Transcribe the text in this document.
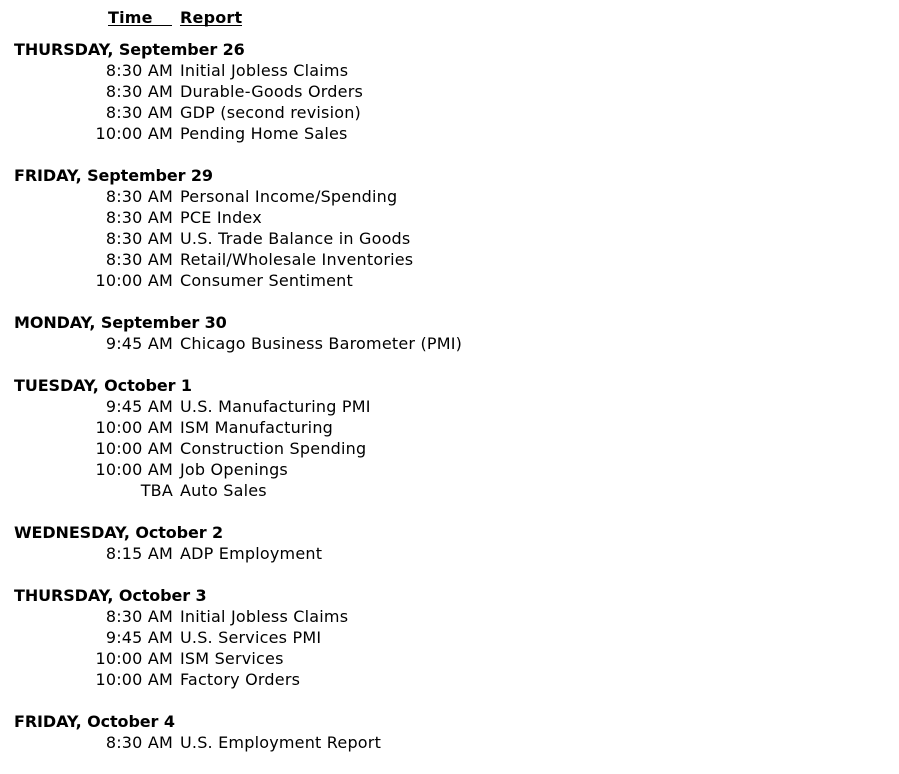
Time	Report
THURSDAY, September 26
8:30 AM Initial Jobless Claims
8:30 AM Durable-Goods Orders
8:30 AM GDP (second revision)
10:00 AM Pending Home Sales
FRIDAY, September 29
8:30 AM Personal Income/Spending
8:30 AM PCE Index
8:30 AM U.S. Trade Balance in Goods
8:30 AM Retail/Wholesale Inventories
10:00 AM Consumer Sentiment
MONDAY, September 30
9:45 AM Chicago Business Barometer (PMI)
TUESDAY, October 1
9:45 AM U.S. Manufacturing PMI
10:00 AM ISM Manufacturing
10:00 AM Construction Spending
10:00 AM Job Openings
TBA Auto Sales
WEDNESDAY, October 2
8:15 AM ADP Employment
THURSDAY, October 3
8:30 AM Initial Jobless Claims
9:45 AM U.S. Services PMI
10:00 AM ISM Services
10:00 AM Factory Orders
FRIDAY, October 4
8:30 AM U.S. Employment Report
